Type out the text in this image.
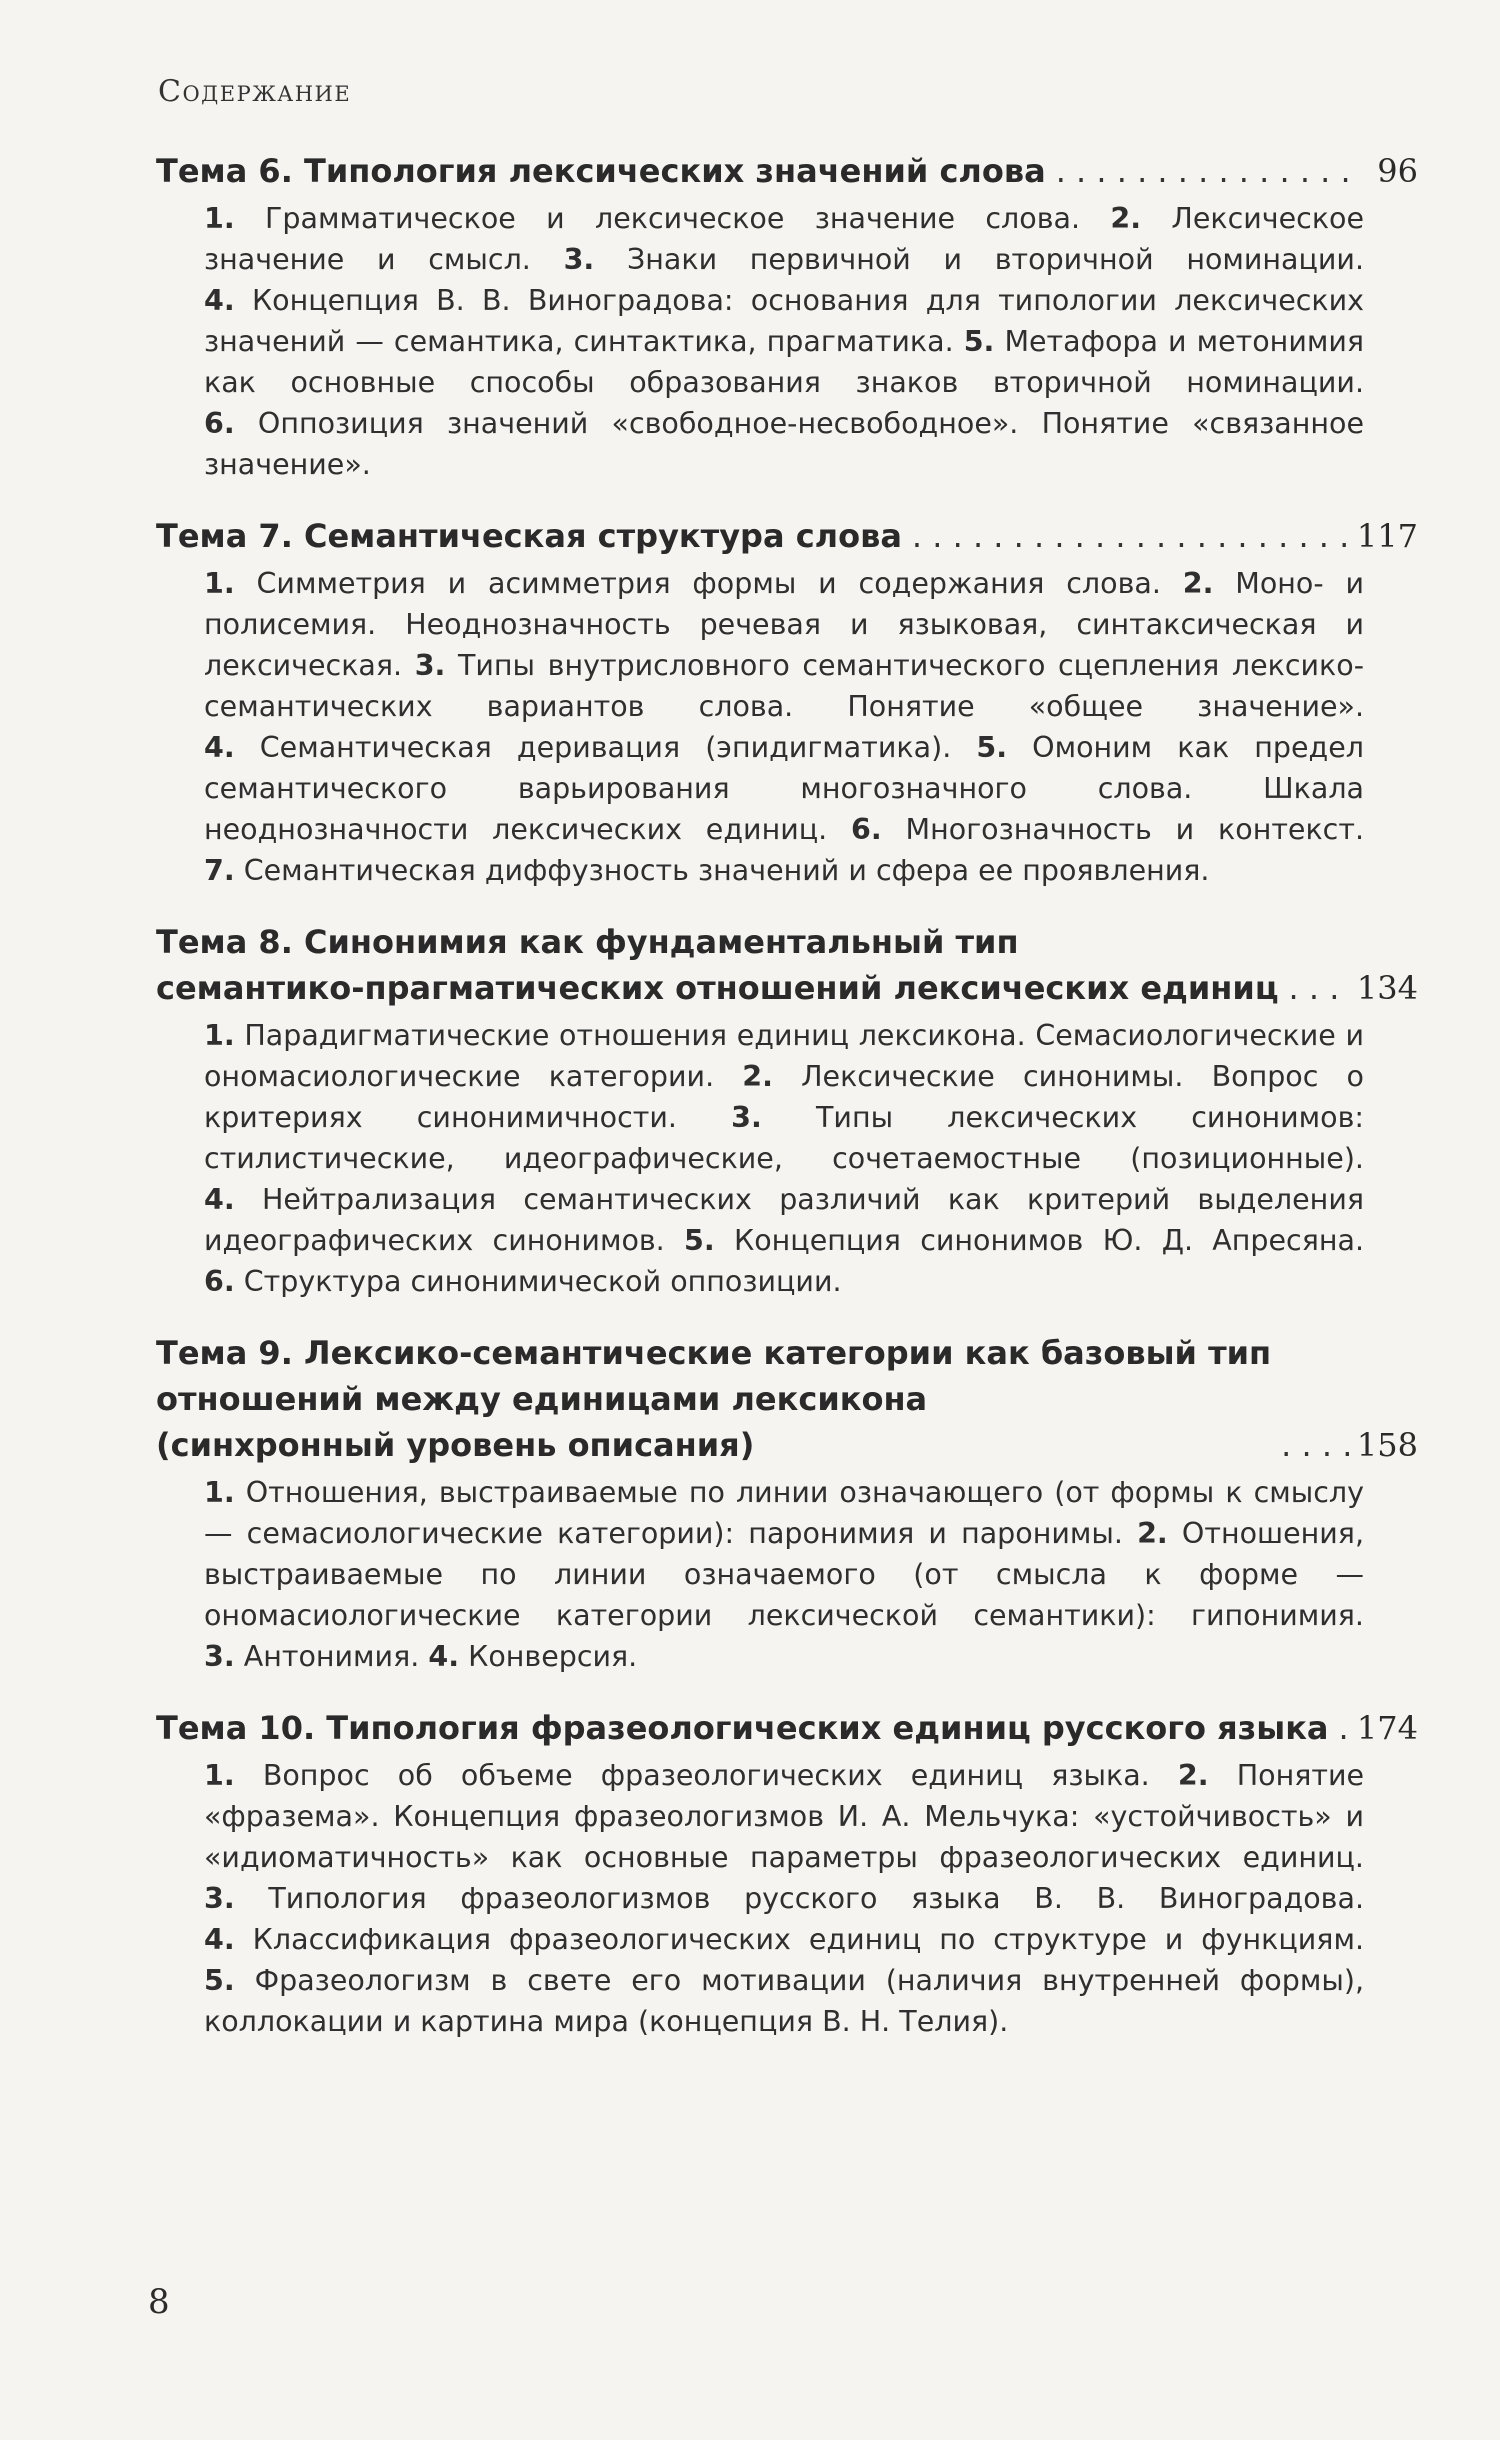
Содержание
Тема 6. Типология лексических значений слова . . .	96
1. Грамматическое и лексическое значение слова. 2. Лексическое значение и смысл. 3. Знаки первичной и вторичной номинации. 4. Концепция В. В. Виноградова: основания для типологии лексических значений — семантика, синтактика, прагматика. 5. Метафора и метонимия как основные способы образования знаков вторичной номинации. 6. Оппозиция значений «свободное-несвободное». Понятие «связанное значение».
Тема 7. Семантическая структура слова . . .	117
1. Симметрия и асимметрия формы и содержания слова. 2. Моно- и полисемия. Неоднозначность речевая и языковая, синтаксическая и лексическая. 3. Типы внутрисловного семантического сцепления лексико-семантических вариантов слова. Понятие «общее значение». 4. Семантическая деривация (эпидигматика). 5. Омоним как предел семантического варьирования многозначного слова. Шкала неоднозначности лексических единиц. 6. Многозначность и контекст. 7. Семантическая диффузность значений и сфера ее проявления.
Тема 8. Синонимия как фундаментальный тип
семантико-прагматических отношений лексических единиц . . . 134
1. Парадигматические отношения единиц лексикона. Семасиологические и ономасиологические категории. 2. Лексические синонимы. Вопрос о критериях синонимичности. 3. Типы лексических синонимов: стилистические, идеографические, сочетаемостные (позиционные). 4. Нейтрализация семантических различий как критерий выделения идеографических синонимов. 5. Концепция синонимов Ю. Д. Апресяна. 6. Структура синонимической оппозиции.
Тема 9. Лексико-семантические категории как базовый тип
отношений между единицами лексикона
(синхронный уровень описания) . . .	158
1. Отношения, выстраиваемые по линии означающего (от формы к смыслу — семасиологические категории): паронимия и паронимы. 2. Отношения, выстраиваемые по линии означаемого (от смысла к форме — ономасиологические категории лексической семантики): гипонимия. 3. Антонимия. 4. Конверсия.
Тема 10. Типология фразеологических единиц русского языка . . . 174
1. Вопрос об объеме фразеологических единиц языка. 2. Понятие «фразема». Концепция фразеологизмов И. А. Мельчука: «устойчивость» и «идиоматичность» как основные параметры фразеологических единиц. 3. Типология фразеологизмов русского языка В. В. Виноградова. 4. Классификация фразеологических единиц по структуре и функциям. 5. Фразеологизм в свете его мотивации (наличия внутренней формы), коллокации и картина мира (концепция В. Н. Телия).
8
